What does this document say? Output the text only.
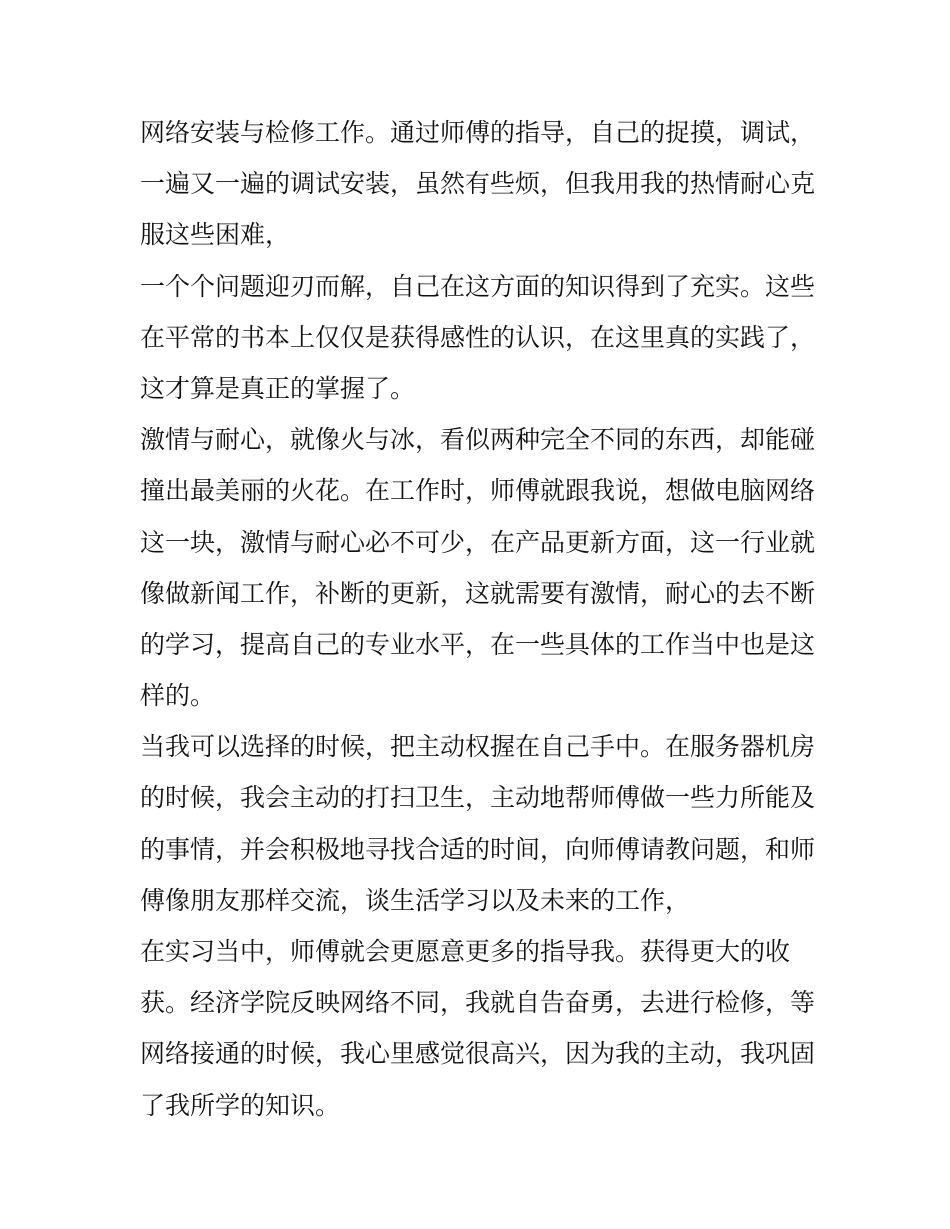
网络安装与检修工作。通过师傅的指导，自己的捉摸，调试，
一遍又一遍的调试安装，虽然有些烦，但我用我的热情耐心克
服这些困难，

一个个问题迎刃而解，自己在这方面的知识得到了充实。这些
在平常的书本上仅仅是获得感性的认识，在这里真的实践了，
这才算是真正的掌握了。

激情与耐心，就像火与冰，看似两种完全不同的东西，却能碰
撞出最美丽的火花。在工作时，师傅就跟我说，想做电脑网络
这一块，激情与耐心必不可少，在产品更新方面，这一行业就
像做新闻工作，补断的更新，这就需要有激情，耐心的去不断
的学习，提高自己的专业水平，在一些具体的工作当中也是这
样的。

当我可以选择的时候，把主动权握在自己手中。在服务器机房
的时候，我会主动的打扫卫生，主动地帮师傅做一些力所能及
的事情，并会积极地寻找合适的时间，向师傅请教问题，和师
傅像朋友那样交流，谈生活学习以及未来的工作，

在实习当中，师傅就会更愿意更多的指导我。获得更大的收
获。经济学院反映网络不同，我就自告奋勇，去进行检修，等
网络接通的时候，我心里感觉很高兴，因为我的主动，我巩固
了我所学的知识。
